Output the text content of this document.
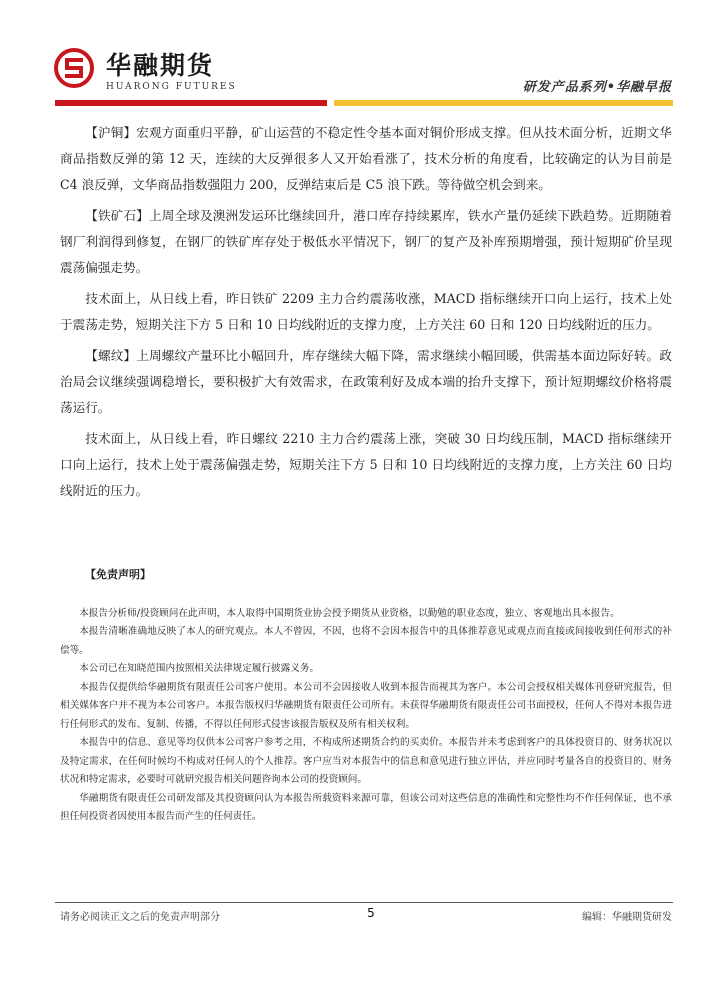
华融期货
HUARONG FUTURES	研发产品系列•华融早报

【沪铜】宏观方面重归平静，矿山运营的不稳定性令基本面对铜价形成支撑。但从技术面分析，近期文华商品指数反弹的第 12 天，连续的大反弹很多人又开始看涨了，技术分析的角度看，比较确定的认为目前是 C4 浪反弹，文华商品指数强阻力 200，反弹结束后是 C5 浪下跌。等待做空机会到来。

【铁矿石】上周全球及澳洲发运环比继续回升，港口库存持续累库，铁水产量仍延续下跌趋势。近期随着钢厂利润得到修复，在钢厂的铁矿库存处于极低水平情况下，钢厂的复产及补库预期增强，预计短期矿价呈现震荡偏强走势。

技术面上，从日线上看，昨日铁矿 2209 主力合约震荡收涨，MACD 指标继续开口向上运行，技术上处于震荡走势，短期关注下方 5 日和 10 日均线附近的支撑力度，上方关注 60 日和 120 日均线附近的压力。

【螺纹】上周螺纹产量环比小幅回升，库存继续大幅下降，需求继续小幅回暖，供需基本面边际好转。政治局会议继续强调稳增长，要积极扩大有效需求，在政策利好及成本端的抬升支撑下，预计短期螺纹价格将震荡运行。

技术面上，从日线上看，昨日螺纹 2210 主力合约震荡上涨，突破 30 日均线压制，MACD 指标继续开口向上运行，技术上处于震荡偏强走势，短期关注下方 5 日和 10 日均线附近的支撑力度，上方关注 60 日均线附近的压力。

【免责声明】

本报告分析师/投资顾问在此声明，本人取得中国期货业协会授予期货从业资格，以勤勉的职业态度，独立、客观地出具本报告。

本报告清晰准确地反映了本人的研究观点。本人不曾因，不因，也将不会因本报告中的具体推荐意见或观点而直接或间接收到任何形式的补偿等。

本公司已在知晓范围内按照相关法律规定履行披露义务。

本报告仅提供给华融期货有限责任公司客户使用。本公司不会因接收人收到本报告而视其为客户。本公司会授权相关媒体刊登研究报告，但相关媒体客户并不视为本公司客户。本报告版权归华融期货有限责任公司所有。未获得华融期货有限责任公司书面授权，任何人不得对本报告进行任何形式的发布、复制、传播，不得以任何形式侵害该报告版权及所有相关权利。

本报告中的信息、意见等均仅供本公司客户参考之用，不构成所述期货合约的买卖价。本报告并未考虑到客户的具体投资目的、财务状况以及特定需求，在任何时候均不构成对任何人的个人推荐。客户应当对本报告中的信息和意见进行独立评估，并应同时考量各自的投资目的、财务状况和特定需求，必要时可就研究报告相关问题咨询本公司的投资顾问。

华融期货有限责任公司研发部及其投资顾问认为本报告所载资料来源可靠，但该公司对这些信息的准确性和完整性均不作任何保证，也不承担任何投资者因使用本报告而产生的任何责任。

请务必阅读正文之后的免责声明部分	5	编辑：华融期货研发
